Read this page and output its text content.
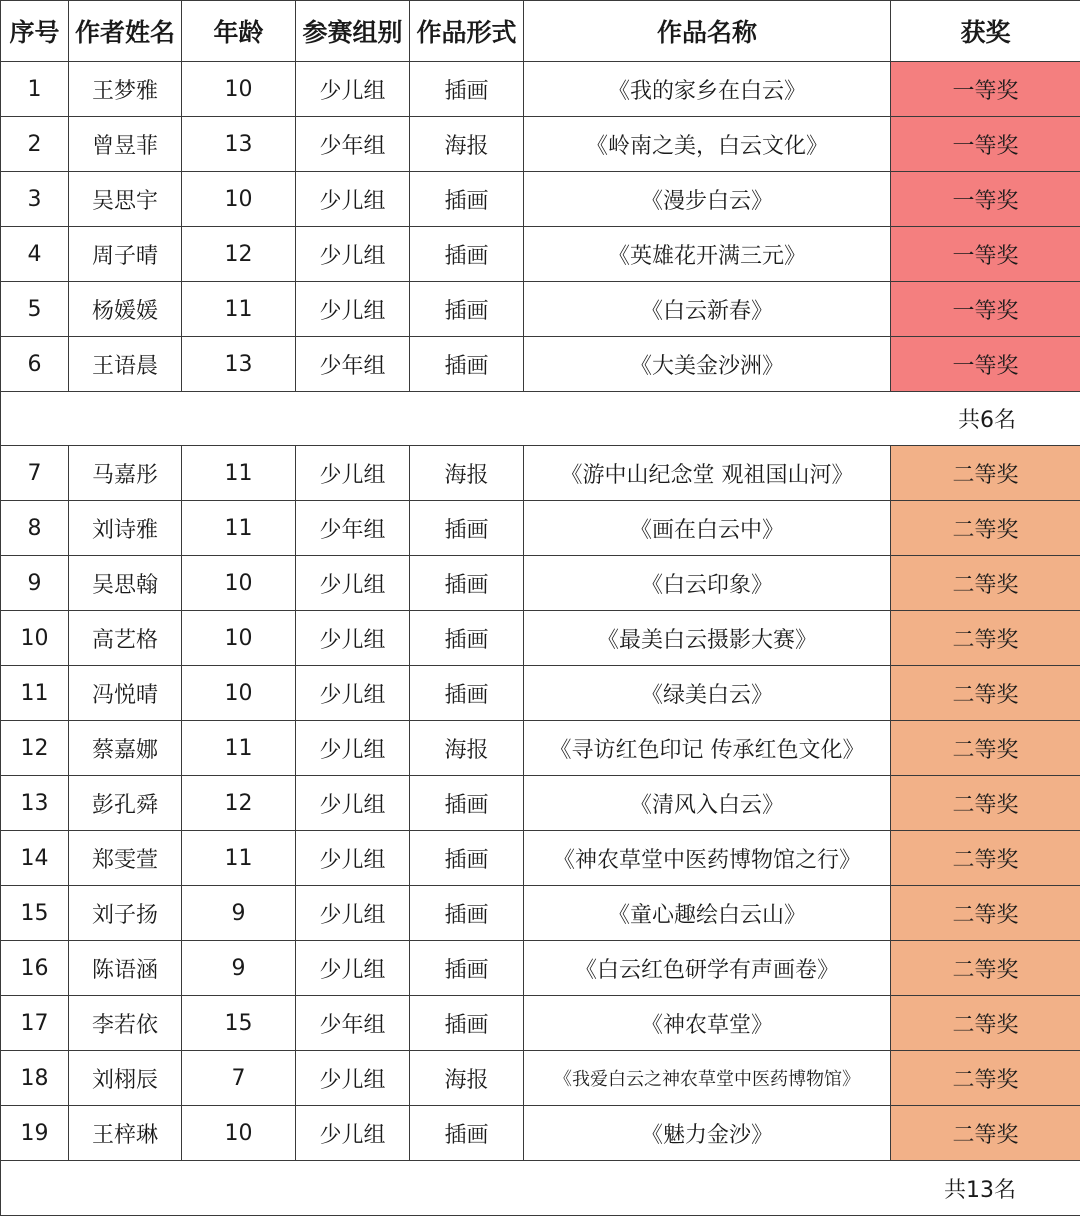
序号	作者姓名	年龄	参赛组别	作品形式	作品名称	获奖
1	王梦雅	10	少儿组	插画	《我的家乡在白云》	一等奖
2	曾昱菲	13	少年组	海报	《岭南之美，白云文化》	一等奖
3	吴思宇	10	少儿组	插画	《漫步白云》	一等奖
4	周子晴	12	少儿组	插画	《英雄花开满三元》	一等奖
5	杨媛媛	11	少儿组	插画	《白云新春》	一等奖
6	王语晨	13	少年组	插画	《大美金沙洲》	一等奖
共6名						
7	马嘉彤	11	少儿组	海报	《游中山纪念堂 观祖国山河》	二等奖
8	刘诗雅	11	少年组	插画	《画在白云中》	二等奖
9	吴思翰	10	少儿组	插画	《白云印象》	二等奖
10	高艺格	10	少儿组	插画	《最美白云摄影大赛》	二等奖
11	冯悦晴	10	少儿组	插画	《绿美白云》	二等奖
12	蔡嘉娜	11	少儿组	海报	《寻访红色印记 传承红色文化》	二等奖
13	彭孔舜	12	少儿组	插画	《清风入白云》	二等奖
14	郑雯萱	11	少儿组	插画	《神农草堂中医药博物馆之行》	二等奖
15	刘子扬	9	少儿组	插画	《童心趣绘白云山》	二等奖
16	陈语涵	9	少儿组	插画	《白云红色研学有声画卷》	二等奖
17	李若依	15	少年组	插画	《神农草堂》	二等奖
18	刘栩辰	7	少儿组	海报	《我爱白云之神农草堂中医药博物馆》	二等奖
19	王梓琳	10	少儿组	插画	《魅力金沙》	二等奖
共13名						
